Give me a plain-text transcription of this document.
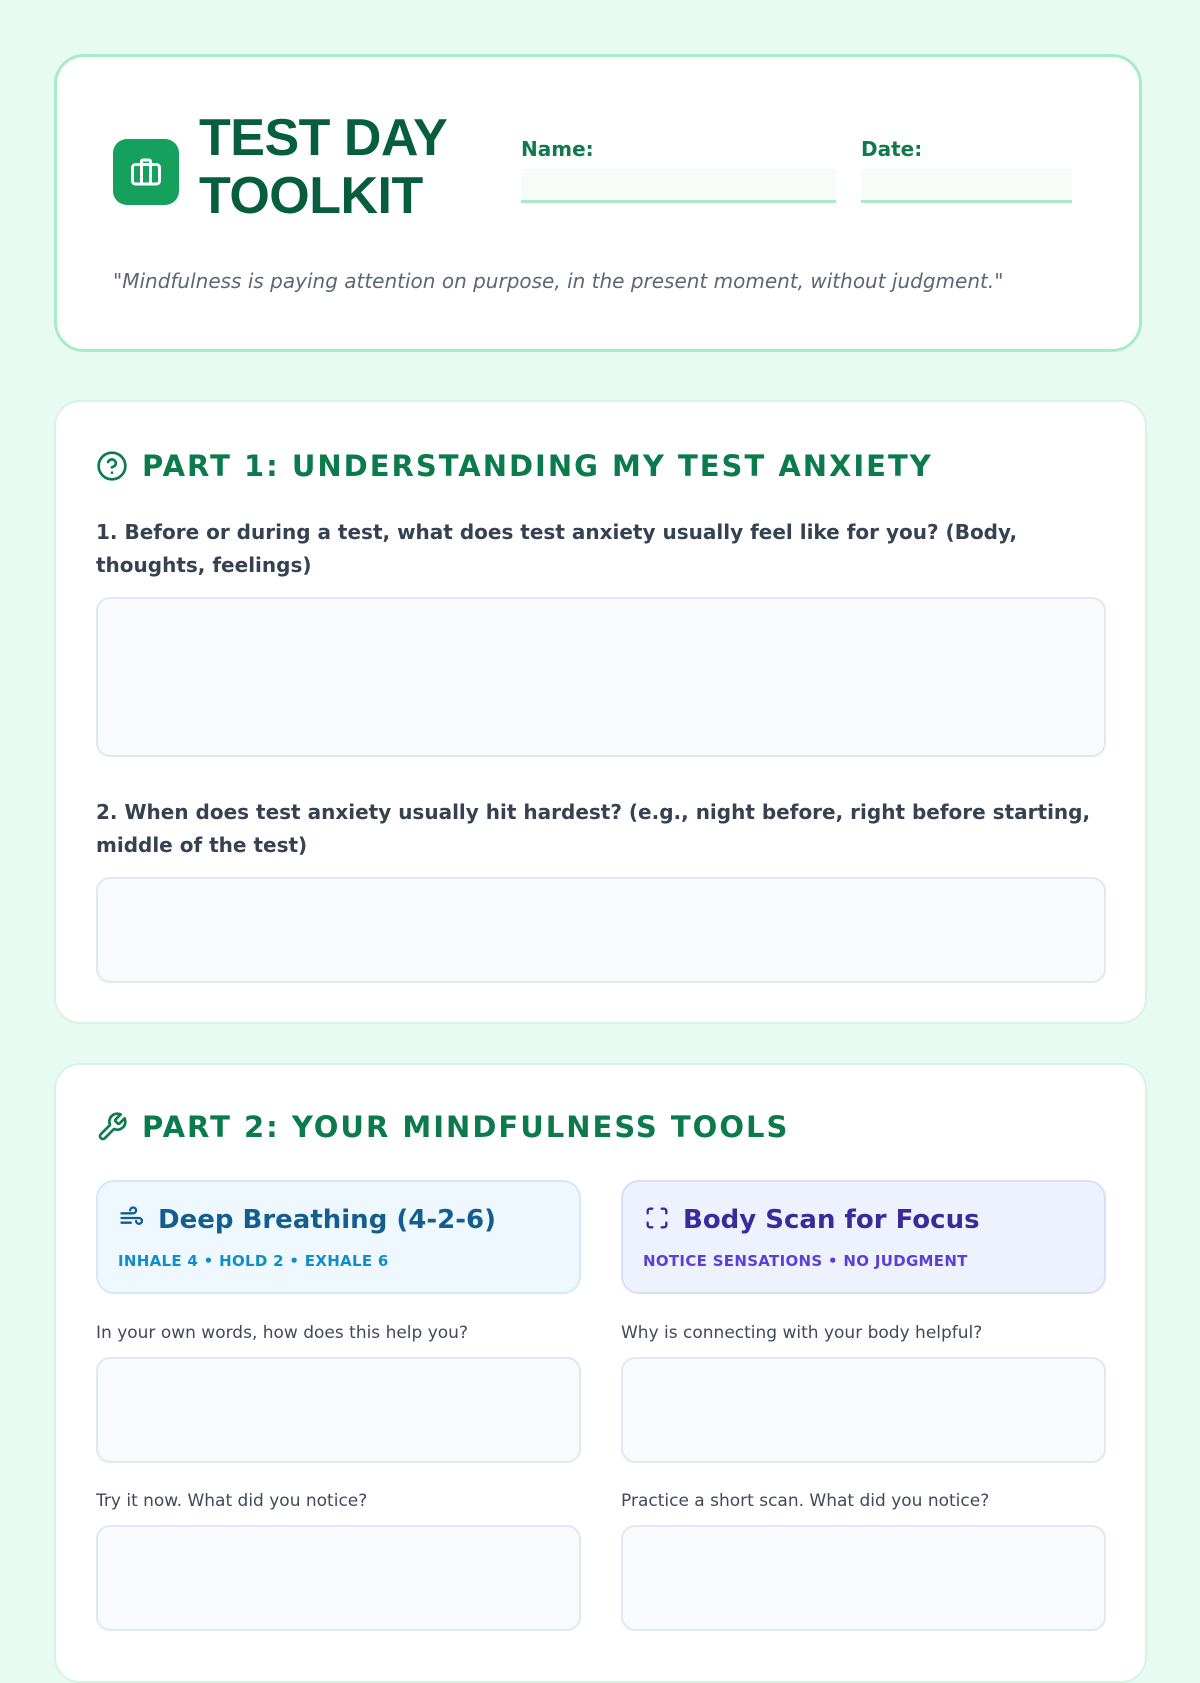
TEST DAY
TOOLKIT
Name:	Date:

"Mindfulness is paying attention on purpose, in the present moment, without judgment."

PART 1: UNDERSTANDING MY TEST ANXIETY

1. Before or during a test, what does test anxiety usually feel like for you? (Body, thoughts, feelings)

2. When does test anxiety usually hit hardest? (e.g., night before, right before starting, middle of the test)

PART 2: YOUR MINDFULNESS TOOLS
Deep Breathing (4-2-6)

INHALE 4 • HOLD 2 • EXHALE 6

Body Scan for Focus

NOTICE SENSATIONS • NO JUDGMENT

In your own words, how does this help you?

Try it now. What did you notice?

Why is connecting with your body helpful?

Practice a short scan. What did you notice?
